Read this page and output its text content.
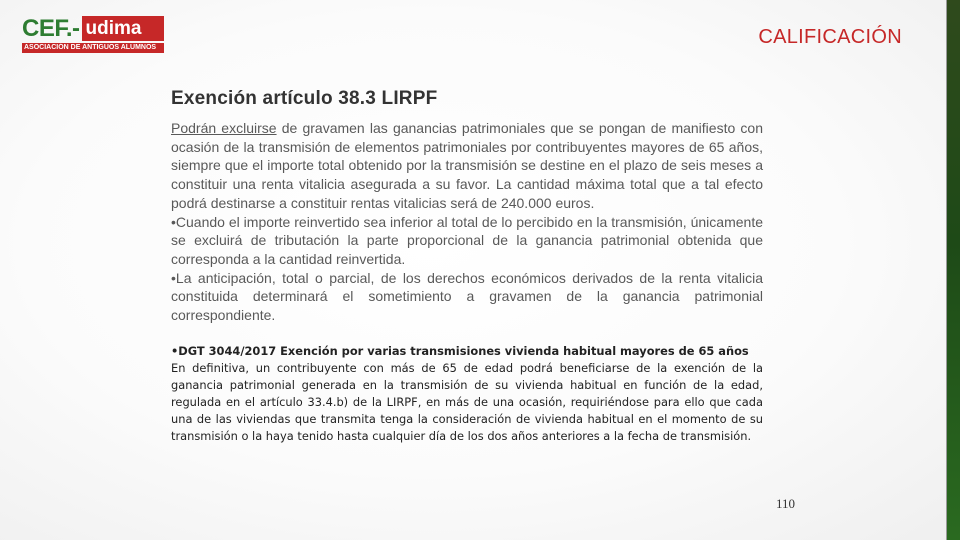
CEF.- udima
ASOCIACIÓN DE ANTIGUOS ALUMNOS	CALIFICACIÓN
Exención artículo 38.3 LIRPF

Podrán excluirse de gravamen las ganancias patrimoniales que se pongan de manifiesto con ocasión de la transmisión de elementos patrimoniales por contribuyentes mayores de 65 años, siempre que el importe total obtenido por la transmisión se destine en el plazo de seis meses a constituir una renta vitalicia asegurada a su favor. La cantidad máxima total que a tal efecto podrá destinarse a constituir rentas vitalicias será de 240.000 euros.

•Cuando el importe reinvertido sea inferior al total de lo percibido en la transmisión, únicamente se excluirá de tributación la parte proporcional de la ganancia patrimonial obtenida que corresponda a la cantidad reinvertida.

•La anticipación, total o parcial, de los derechos económicos derivados de la renta vitalicia constituida determinará el sometimiento a gravamen de la ganancia patrimonial correspondiente.

•DGT 3044/2017 Exención por varias transmisiones vivienda habitual mayores de 65 años

En definitiva, un contribuyente con más de 65 de edad podrá beneficiarse de la exención de la ganancia patrimonial generada en la transmisión de su vivienda habitual en función de la edad, regulada en el artículo 33.4.b) de la LIRPF, en más de una ocasión, requiriéndose para ello que cada una de las viviendas que transmita tenga la consideración de vivienda habitual en el momento de su transmisión o la haya tenido hasta cualquier día de los dos años anteriores a la fecha de transmisión.

110
